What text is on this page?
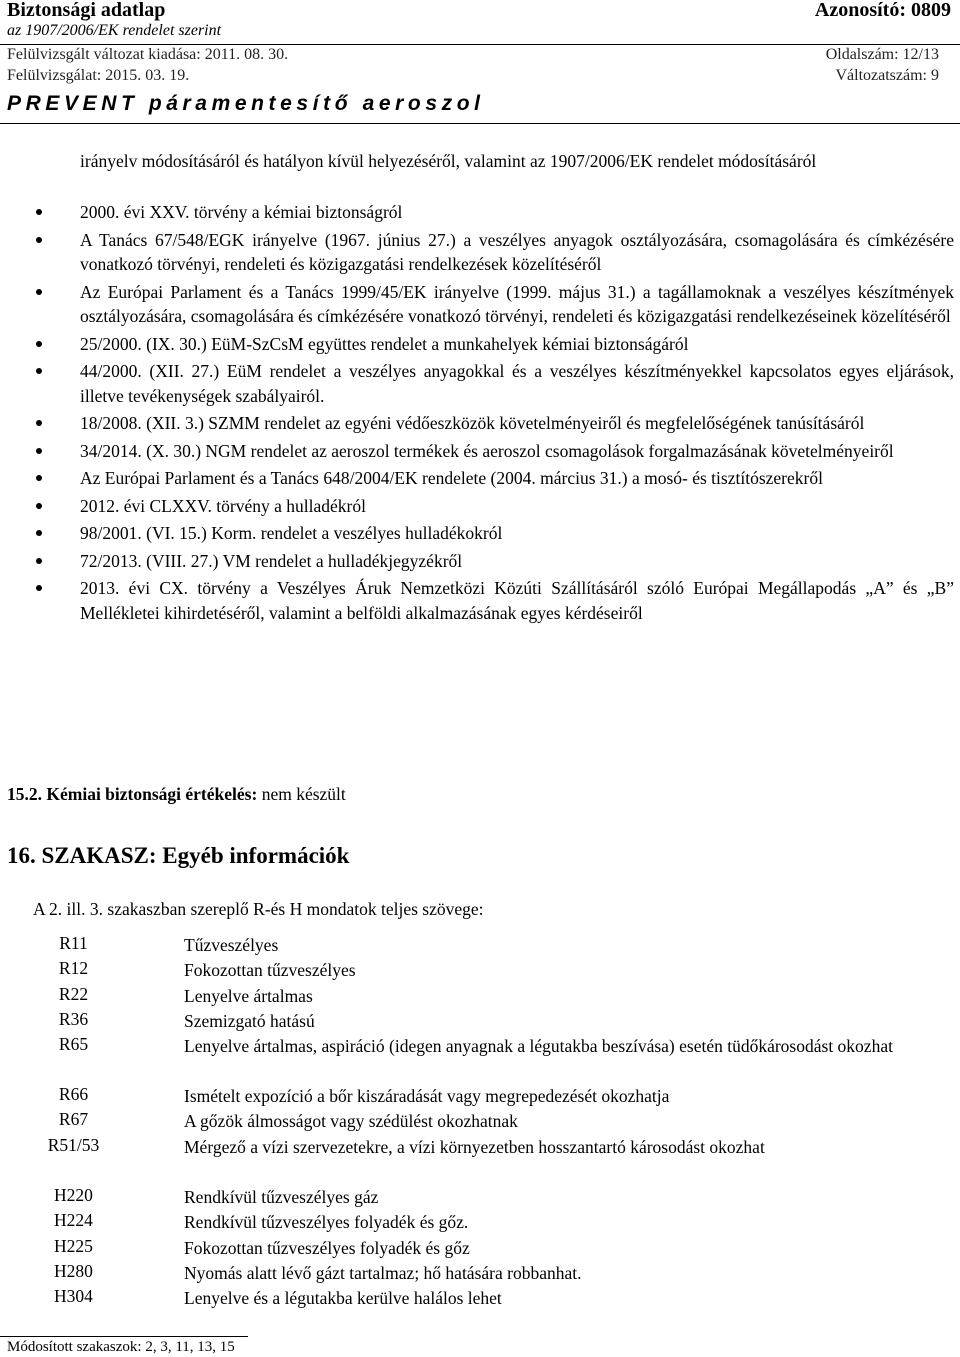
Biztonsági adatlap	Azonosító: 0809
az 1907/2006/EK rendelet szerint
Felülvizsgált változat kiadása: 2011. 08. 30.	Oldalszám: 12/13
Felülvizsgálat: 2015. 03. 19.	Változatszám: 9
PREVENT páramentesítő aeroszol
irányelv módosításáról és hatályon kívül helyezéséről, valamint az 1907/2006/EK rendelet módosításáról
2000. évi XXV. törvény a kémiai biztonságról
A Tanács 67/548/EGK irányelve (1967. június 27.) a veszélyes anyagok osztályozására, csomagolására és címkézésére vonatkozó törvényi, rendeleti és közigazgatási rendelkezések közelítéséről
Az Európai Parlament és a Tanács 1999/45/EK irányelve (1999. május 31.) a tagállamoknak a veszélyes készítmények osztályozására, csomagolására és címkézésére vonatkozó törvényi, rendeleti és közigazgatási rendelkezéseinek közelítéséről
25/2000. (IX. 30.) EüM-SzCsM együttes rendelet a munkahelyek kémiai biztonságáról
44/2000. (XII. 27.) EüM rendelet a veszélyes anyagokkal és a veszélyes készítményekkel kapcsolatos egyes eljárások, illetve tevékenységek szabályairól.
18/2008. (XII. 3.) SZMM rendelet az egyéni védőeszközök követelményeiről és megfelelőségének tanúsításáról
34/2014. (X. 30.) NGM rendelet az aeroszol termékek és aeroszol csomagolások forgalmazásának követelményeiről
Az Európai Parlament és a Tanács 648/2004/EK rendelete (2004. március 31.) a mosó- és tisztítószerekről
2012. évi CLXXV. törvény a hulladékról
98/2001. (VI. 15.) Korm. rendelet a veszélyes hulladékokról
72/2013. (VIII. 27.) VM rendelet a hulladékjegyzékről
2013. évi CX. törvény a Veszélyes Áruk Nemzetközi Közúti Szállításáról szóló Európai Megállapodás „A” és „B” Mellékletei kihirdetéséről, valamint a belföldi alkalmazásának egyes kérdéseiről
15.2. Kémiai biztonsági értékelés: nem készült
16. SZAKASZ: Egyéb információk
A 2. ill. 3. szakaszban szereplő R-és H mondatok teljes szövege:
R11	Tűzveszélyes
R12	Fokozottan tűzveszélyes
R22	Lenyelve ártalmas
R36	Szemizgató hatású
R65	Lenyelve ártalmas, aspiráció (idegen anyagnak a légutakba beszívása) esetén tüdőkárosodást okozhat
R66	Ismételt expozíció a bőr kiszáradását vagy megrepedezését okozhatja
R67	A gőzök álmosságot vagy szédülést okozhatnak
R51/53	Mérgező a vízi szervezetekre, a vízi környezetben hosszantartó károsodást okozhat
H220	Rendkívül tűzveszélyes gáz
H224	Rendkívül tűzveszélyes folyadék és gőz.
H225	Fokozottan tűzveszélyes folyadék és gőz
H280	Nyomás alatt lévő gázt tartalmaz; hő hatására robbanhat.
H304	Lenyelve és a légutakba kerülve halálos lehet
Módosított szakaszok: 2, 3, 11, 13, 15
